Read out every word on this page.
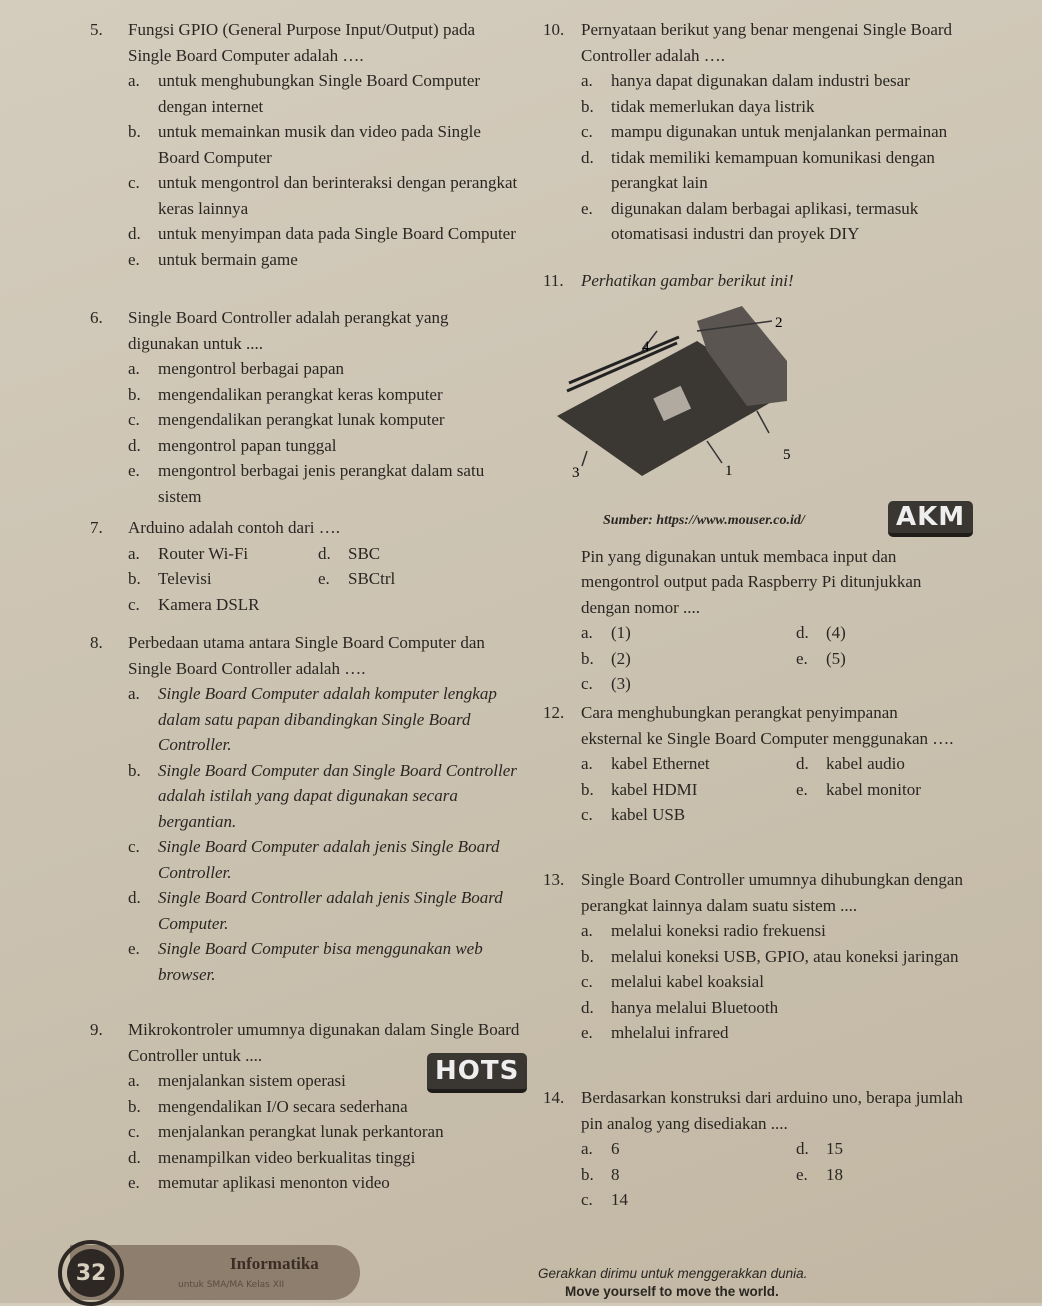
5.	Fungsi GPIO (General Purpose Input/Output) pada Single Board Computer adalah ….
a.	untuk menghubungkan Single Board Computer dengan internet
b.	untuk memainkan musik dan video pada Single Board Computer
c.	untuk mengontrol dan berinteraksi dengan perangkat keras lainnya
d.	untuk menyimpan data pada Single Board Computer
e.	untuk bermain game
6.	Single Board Controller adalah perangkat yang digunakan untuk ....
a.	mengontrol berbagai papan
b.	mengendalikan perangkat keras komputer
c.	mengendalikan perangkat lunak komputer
d.	mengontrol papan tunggal
e.	mengontrol berbagai jenis perangkat dalam satu sistem
7.	Arduino adalah contoh dari ….
a.	Router Wi-Fi	d.	SBC
b.	Televisi	e.	SBCtrl
c.	Kamera DSLR
8.	Perbedaan utama antara Single Board Computer dan Single Board Controller adalah ….
a.	Single Board Computer adalah komputer lengkap dalam satu papan dibandingkan Single Board Controller.
b.	Single Board Computer dan Single Board Controller adalah istilah yang dapat digunakan secara bergantian.
c.	Single Board Computer adalah jenis Single Board Controller.
d.	Single Board Controller adalah jenis Single Board Computer.
e.	Single Board Computer bisa menggunakan web browser.
9.	Mikrokontroler umumnya digunakan dalam Single Board Controller untuk ....
HOTS
a.	menjalankan sistem operasi
b.	mengendalikan I/O secara sederhana
c.	menjalankan perangkat lunak perkantoran
d.	menampilkan video berkualitas tinggi
e.	memutar aplikasi menonton video
10. Pernyataan berikut yang benar mengenai Single Board Controller adalah ….
a.	hanya dapat digunakan dalam industri besar
b.	tidak memerlukan daya listrik
c.	mampu digunakan untuk menjalankan permainan
d.	tidak memiliki kemampuan komunikasi dengan perangkat lain
e.	digunakan dalam berbagai aplikasi, termasuk otomatisasi industri dan proyek DIY
11.	Perhatikan gambar berikut ini!
1
2
3
4
5
Sumber: https://www.mouser.co.id/	AKM
Pin yang digunakan untuk membaca input dan mengontrol output pada Raspberry Pi ditunjukkan dengan nomor ....
a.	(1)	d.	(4)
b.	(2)	e.	(5)
c.	(3)
12. Cara menghubungkan perangkat penyimpanan eksternal ke Single Board Computer menggunakan ….
a.	kabel Ethernet	d.	kabel audio
b.	kabel HDMI	e.	kabel monitor
c.	kabel USB
13. Single Board Controller umumnya dihubungkan dengan perangkat lainnya dalam suatu sistem ....
a.	melalui koneksi radio frekuensi
b.	melalui koneksi USB, GPIO, atau koneksi jaringan
c.	melalui kabel koaksial
d.	hanya melalui Bluetooth
e.	mhelalui infrared
14. Berdasarkan konstruksi dari arduino uno, berapa jumlah pin analog yang disediakan ....
a.	6	d.	15
b.	8	e.	18
c.	14
32	Informatika
untuk SMA/MA Kelas XII
Gerakkan dirimu untuk menggerakkan dunia.
Move yourself to move the world.
